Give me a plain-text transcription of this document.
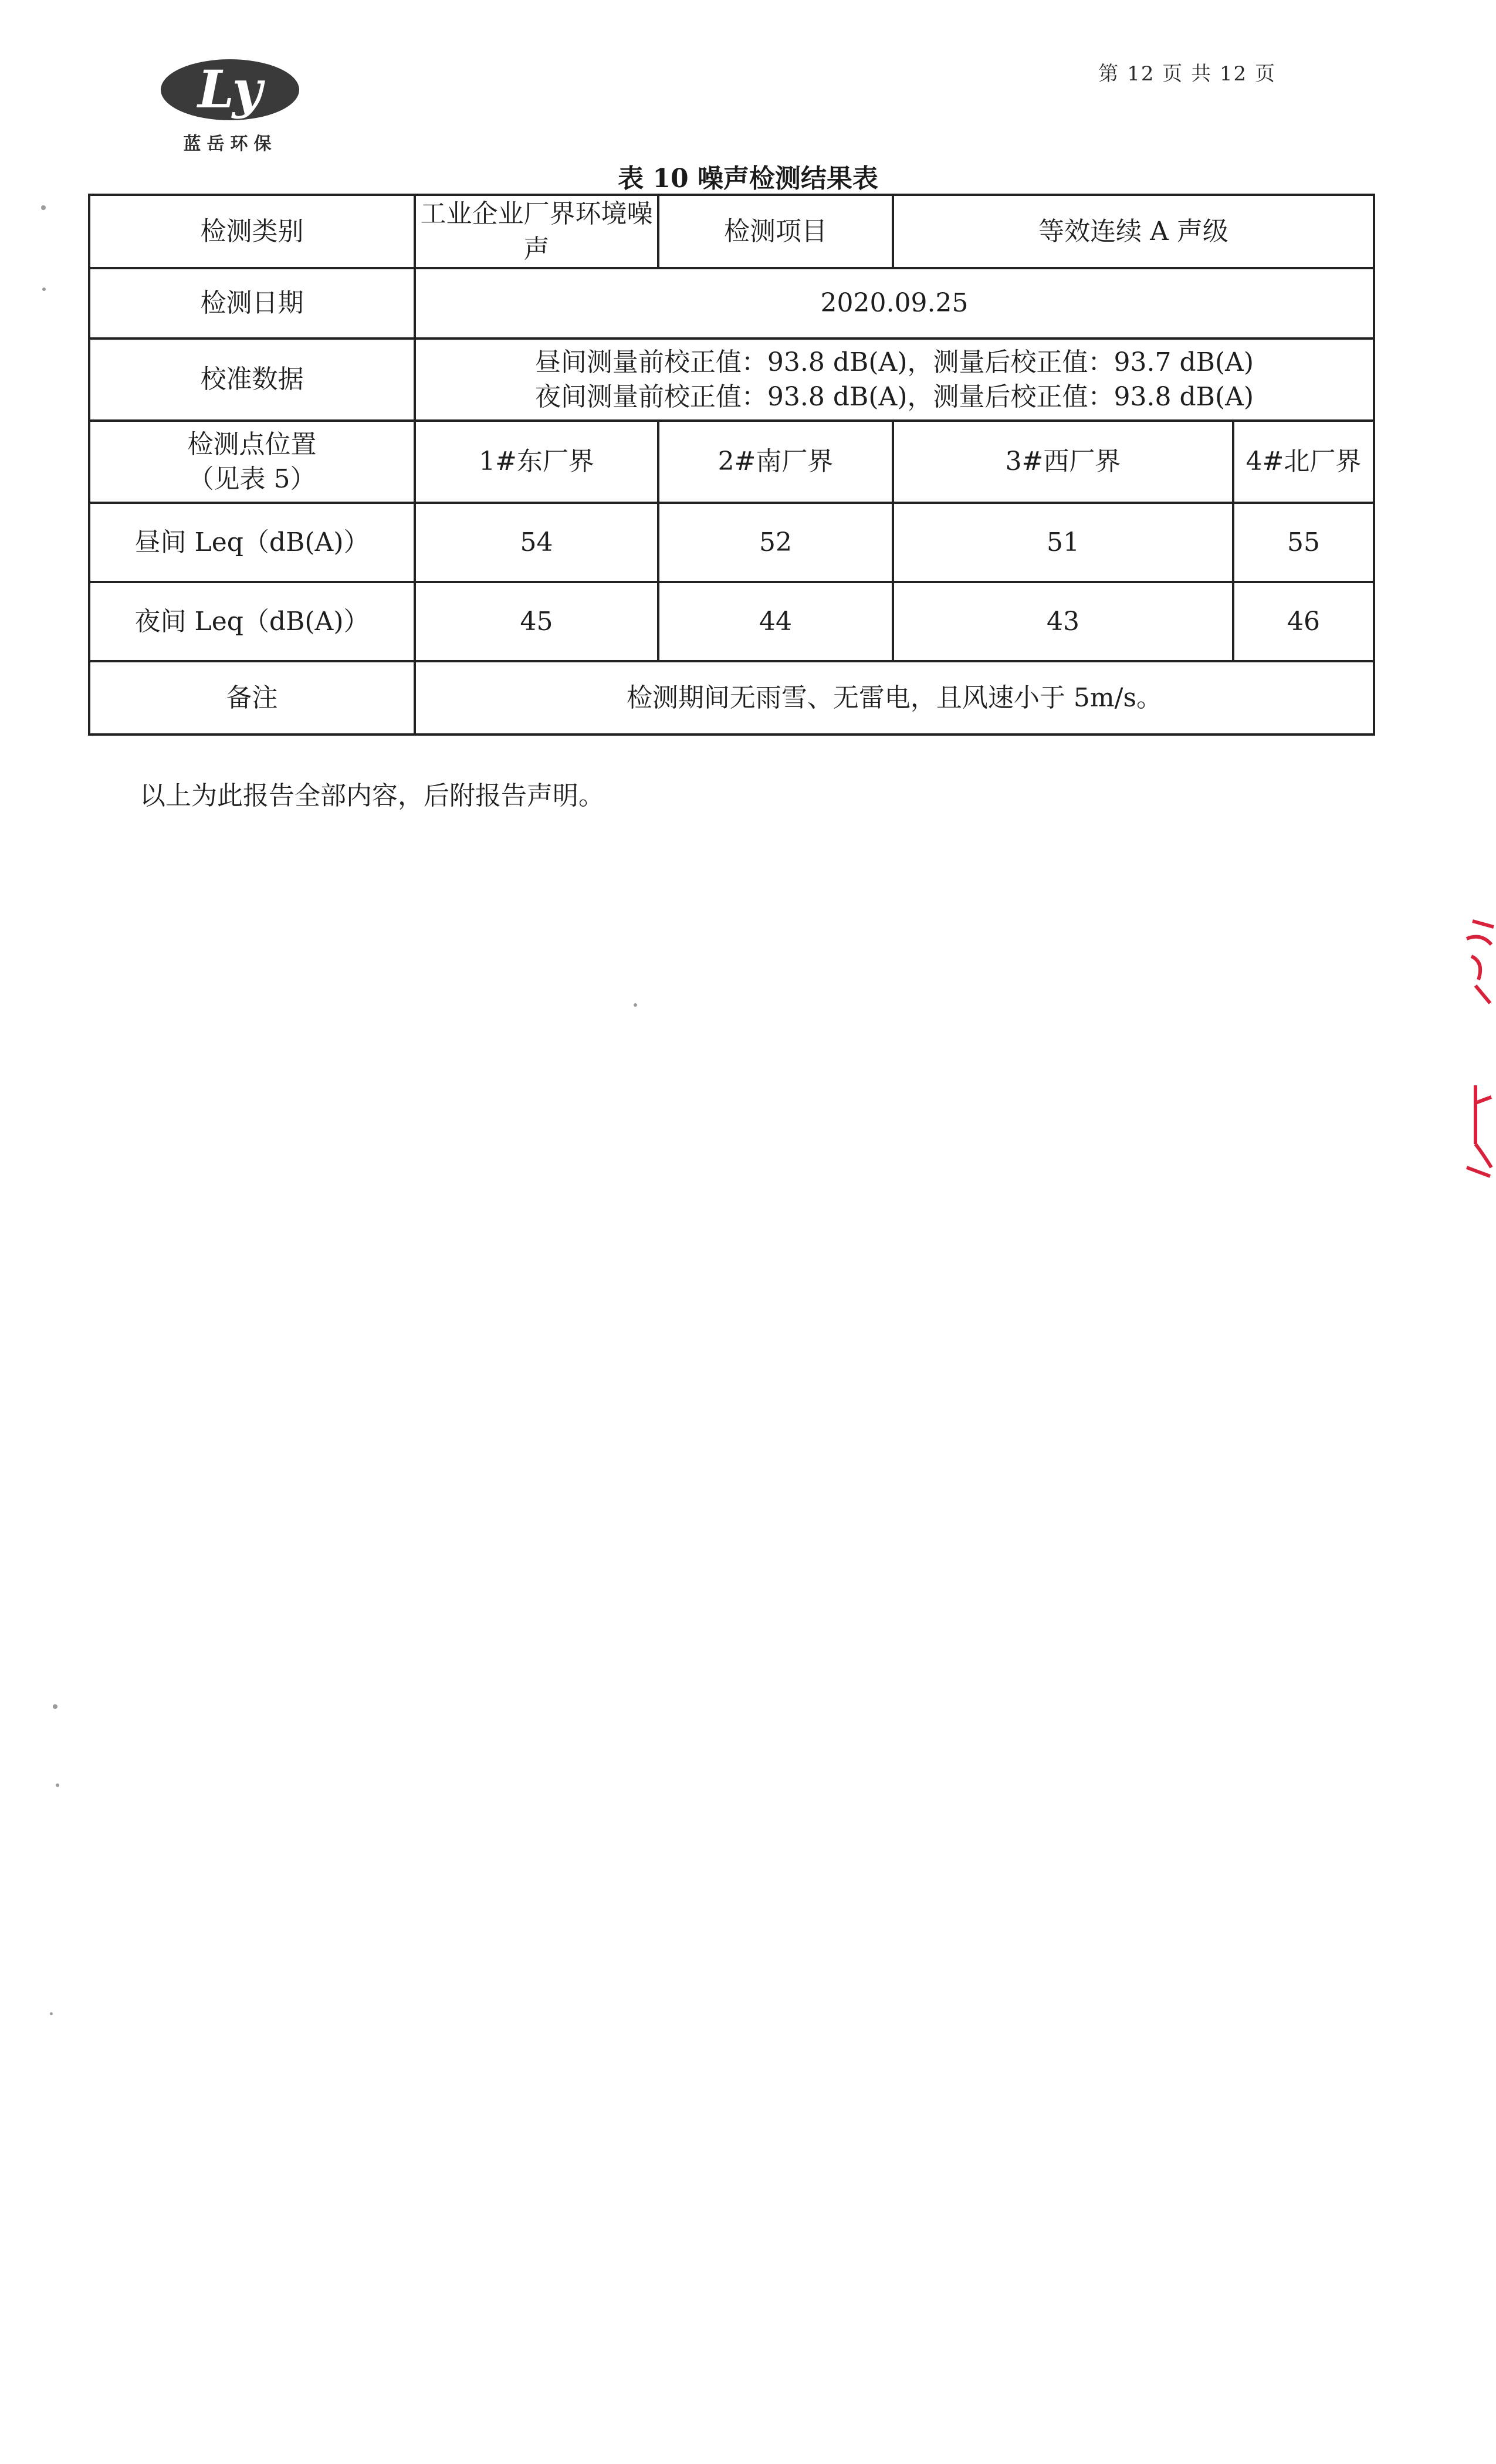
Ly
蓝岳环保
第 12 页 共 12 页
表 10 噪声检测结果表
检测类别	工业企业厂界环境噪声	检测项目	等效连续 A 声级	
检测日期	2020.09.25			
校准数据	昼间测量前校正值：93.8 dB(A)，测量后校正值：93.7 dB(A)
夜间测量前校正值：93.8 dB(A)，测量后校正值：93.8 dB(A)			

检测点位置
（见表 5）	1#东厂界	2#南厂界	3#西厂界	4#北厂界
昼间 Leq（dB(A)）	54	52	51	55
夜间 Leq（dB(A)）	45	44	43	46
备注	检测期间无雨雪、无雷电，且风速小于 5m/s。			
以上为此报告全部内容，后附报告声明。
